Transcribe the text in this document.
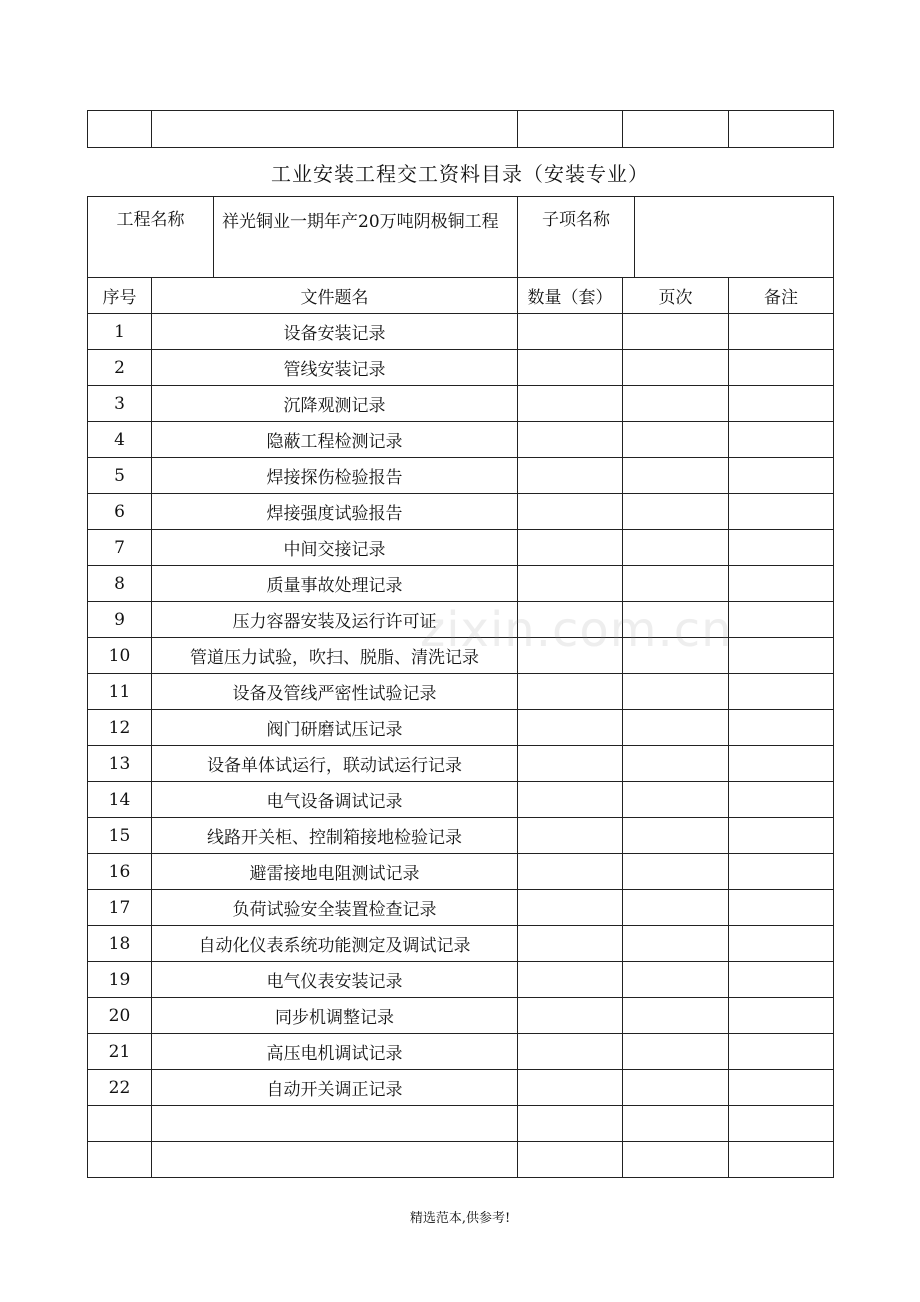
工业安装工程交工资料目录（安装专业）
工程名称		祥光铜业一期年产20万吨阴极铜工程	子项名称			
序号	文件题名		数量（套）	页次		备注
1	设备安装记录					
2	管线安装记录					
3	沉降观测记录					
4	隐蔽工程检测记录					
5	焊接探伤检验报告					
6	焊接强度试验报告					
7	中间交接记录					
8	质量事故处理记录					
9	压力容器安装及运行许可证					
10	管道压力试验，吹扫、脱脂、清洗记录					
11	设备及管线严密性试验记录					
12	阀门研磨试压记录					
13	设备单体试运行，联动试运行记录					
14	电气设备调试记录					
15	线路开关柜、控制箱接地检验记录					
16	避雷接地电阻测试记录					
17	负荷试验安全装置检查记录					
18	自动化仪表系统功能测定及调试记录					
19	电气仪表安装记录					
20	同步机调整记录					
21	高压电机调试记录					
22	自动开关调正记录					

zixin.com.cn
精选范本,供参考!
